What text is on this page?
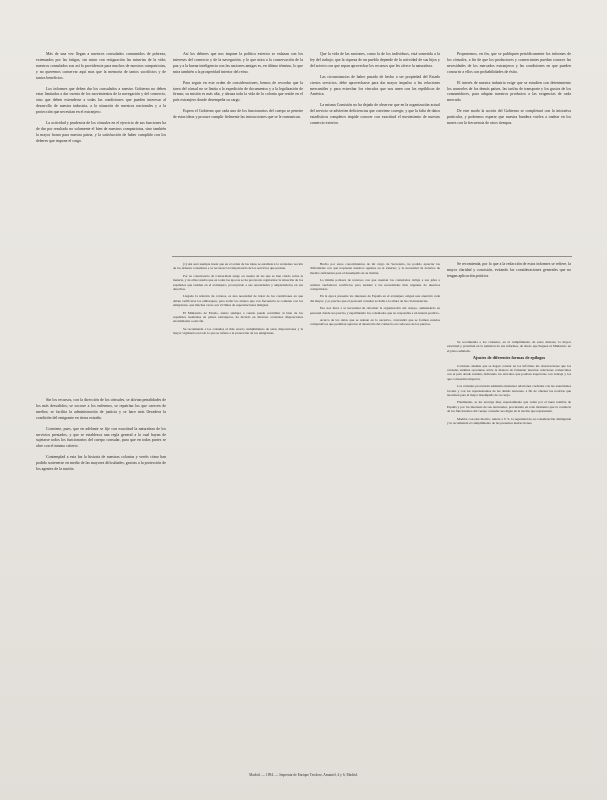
Más de una vez llegan a nuestros consulados consumidos de pobreza, extenuados por las fatigas, sin mirar con resignación las miserias de la vida; nuestros consulados son así la providencia para muchos de nuestros compatriotas, y no queremos conservar aquí mas que la memoria de tantos sacrificios y de tantos beneficios.

Los informes que deben dar los consulados a nuestro Gobierno no deben estar limitados a dar cuenta de los movimientos de la navegación y del comercio, sino que deben extenderse a todas las condiciones que pueden interesar al desarrollo de nuestra industria, a la situación de nuestros nacionales y a la protección que necesitan en el extranjero.

La actividad y prudencia de los cónsules en el ejercicio de sus funciones ha de dar por resultado no solamente el bien de nuestros compatriotas, sino también la mayor honra para nuestra patria, y la satisfacción de haber cumplido con los deberes que impone el cargo.

Sin los recursos, con la dirección de los cónsules, se alivian penalidades de los más desvalidos; se socorre a los enfermos, se repatrían los que carecen de medios; se facilita la administración de justicia y se hace más llevadera la condición del emigrante en tierra extraña.

Conviene, pues, que en adelante se fije con exactitud la naturaleza de los servicios prestados, y que se establezca una regla general a la cual hayan de sujetarse todos los funcionarios del cuerpo consular, para que en todas partes se obre con el mismo criterio.

Contemplad a esta luz la historia de nuestras colonias y veréis cómo han podido sostenerse en medio de las mayores dificultades, gracias a la protección de los agentes de la nación.

Así los deberes que nos impone la política exterior se enlazan con los intereses del comercio y de la navegación; y lo que mira a la conservación de la paz y a la buena inteligencia con las naciones amigas es, en último término, lo que mira también a la prosperidad interior del reino.

Para seguir en este orden de consideraciones, hemos de recordar que la tarea del cónsul no se limita a la expedición de documentos y a la legalización de firmas; su misión es más alta, y abraza toda la vida de la colonia que reside en el país extranjero donde desempeña su cargo.

Espera el Gobierno que cada uno de los funcionarios del cuerpo se penetre de estas ideas y procure cumplir fielmente las instrucciones que se le comunican.

Que la vida de las naciones, como la de los individuos, está sometida a la ley del trabajo; que la riqueza de un pueblo depende de la actividad de sus hijos y del acierto con que sepan aprovechar los recursos que les ofrece la naturaleza.

Las circunstancias de haber pasado de hecho a ser propiedad del Estado ciertos servicios, debe aprovecharse para dar mayor impulso a las relaciones mercantiles y para estrechar los vínculos que nos unen con las repúblicas de América.

La misma Comisión no ha dejado de observar que en la organización actual del servicio se advierten deficiencias que conviene corregir, y que la falta de datos estadísticos completos impide conocer con exactitud el movimiento de nuestro comercio exterior.

Proponemos, en fin, que se publiquen periódicamente los informes de los cónsules, a fin de que los productores y comerciantes puedan conocer las necesidades de los mercados extranjeros y las condiciones en que pueden concurrir a ellos con probabilidades de éxito.

El interés de nuestra industria exige que se estudien con detenimiento los aranceles de los demás países, las tarifas de transporte y los gustos de los consumidores, para adaptar nuestros productos a las exigencias de cada mercado.

De este modo la acción del Gobierno se completará con la iniciativa particular, y podremos esperar que nuestra bandera vuelva a ondear en los mares con la frecuencia de otros tiempos.

(1) Así será siempre hasta que en el orden de las ideas se establezca la verdadera noción de los deberes consulares y se reconozca la importancia de los servicios que prestan.

Por su connivencia de Cartas-Real tengo en cuenta de las que se han citado sobre la materia, y de ellas resulta que en todas las épocas se ha procurado regularizar la situación de los españoles que residen en el extranjero, proveyendo a sus necesidades y amparándolos en sus derechos.

Llegada la relación de colonos, es una necesidad de tratar de las condiciones en que deben verificarse los embarques, para evitar los abusos que con frecuencia se cometen con los emigrantes, que muchas veces son víctimas de especulaciones indignas.

El Ministerio de Estado, atento siempre a cuanto puede contribuir al bien de los españoles residentes en países extranjeros, ha dictado en diversas ocasiones disposiciones encaminadas a este fin.

Se recomienda a los cónsules el más exacto cumplimiento de estas disposiciones y la mayor vigilancia en todo lo que se refiere a la protección de los emigrantes.

Hecho por estos conocimientos de mi cargo de Secretario, he podido apreciar las dificultades con que tropiezan nuestros agentes en el exterior, y la necesidad de dotarlos de medios suficientes para el desempeño de su misión.

La misma pobreza de recursos con que cuentan los consulados obliga a sus jefes a realizar verdaderos sacrificios para atender a las necesidades más urgentes de nuestros compatriotas.

En la época presente los intereses de España en el extranjero exigen una atención cada día mayor, y es preciso que el personal consular se halle a la altura de las circunstancias.

Eso nos lleva a la necesidad de reformar la organización del cuerpo, aumentando su personal donde sea preciso y suprimiendo los consulados que no respondan a un interés positivo.

Acerca de los datos que se reúnan en lo sucesivo, convendrá que se formen estados comparativos que permitan apreciar el desarrollo del comercio en cada uno de los puertos.

Se recomienda, por lo que a la redacción de estos informes se refiere, la mayor claridad y concisión, evitando las consideraciones generales que no tengan aplicación práctica.

Se recomienda a los cónsules, en el cumplimiento de estos deberes, la mayor exactitud y prontitud en la remisión de sus informes, de modo que lleguen al Ministerio en el plazo señalado.

Ajustes de diferentes formas de epílogos

Conviene además que se hagan constar en los informes las observaciones que los cónsules estimen oportunas sobre la manera de fomentar nuestras relaciones comerciales con el país donde residen, indicando los artículos que podrían exportarse con ventaja y los que convendría importar.

Los cónsules procurarán asimismo mantener relaciones cordiales con las autoridades locales y con los representantes de las demás naciones, a fin de obtener las noticias que necesiten para el mejor desempeño de su cargo.

Finalmente, se les encarga muy especialmente que velen por el buen nombre de España y por los intereses de sus nacionales, procurando en todo momento que la conducta de los funcionarios del cuerpo consular sea digna de la nación que representan.

Madrid, con este motivo, reitera a V. S. la seguridad de su consideración distinguida y le recomienda el cumplimiento de las presentes instrucciones.

Madrid. — 1894. — Imprenta de Enrique Teodoro, Amaniel, 4 y 6, Madrid.
